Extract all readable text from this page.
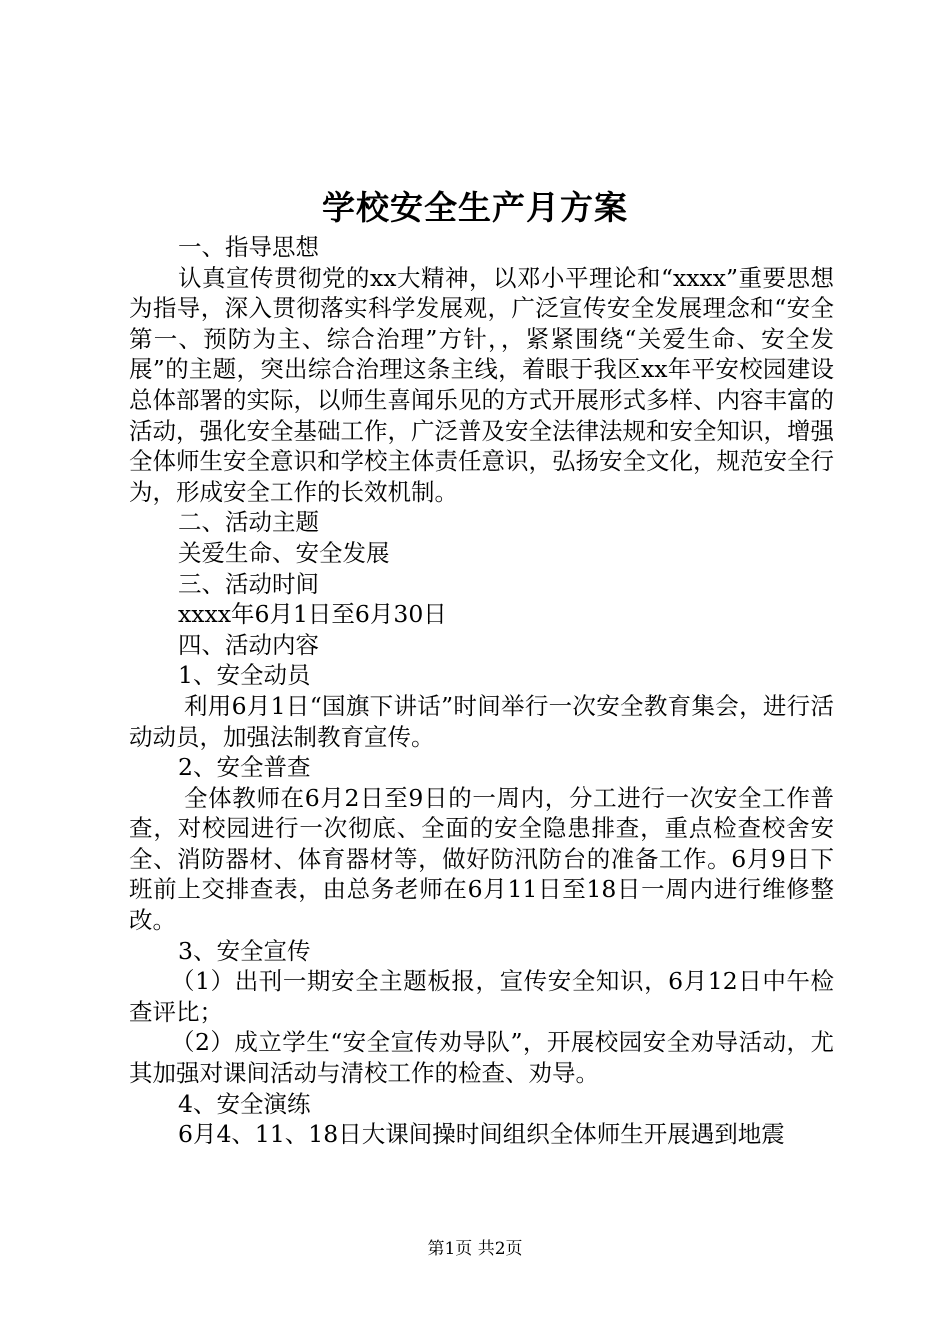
学校安全生产月方案

一、指导思想

认真宣传贯彻党的xx大精神，以邓小平理论和“xxxx”重要思想为指导，深入贯彻落实科学发展观，广泛宣传安全发展理念和“安全第一、预防为主、综合治理”方针，，紧紧围绕“关爱生命、安全发展”的主题，突出综合治理这条主线，着眼于我区xx年平安校园建设总体部署的实际，以师生喜闻乐见的方式开展形式多样、内容丰富的活动，强化安全基础工作，广泛普及安全法律法规和安全知识，增强全体师生安全意识和学校主体责任意识，弘扬安全文化，规范安全行为，形成安全工作的长效机制。

二、活动主题

关爱生命、安全发展

三、活动时间

xxxx年6月1日至6月30日

四、活动内容

1、安全动员

利用6月1日“国旗下讲话”时间举行一次安全教育集会，进行活动动员，加强法制教育宣传。

2、安全普查

全体教师在6月2日至9日的一周内，分工进行一次安全工作普查，对校园进行一次彻底、全面的安全隐患排查，重点检查校舍安全、消防器材、体育器材等，做好防汛防台的准备工作。6月9日下班前上交排查表，由总务老师在6月11日至18日一周内进行维修整改。

3、安全宣传

（1）出刊一期安全主题板报，宣传安全知识，6月12日中午检查评比；

（2）成立学生“安全宣传劝导队”，开展校园安全劝导活动，尤其加强对课间活动与清校工作的检查、劝导。

4、安全演练

6月4、11、18日大课间操时间组织全体师生开展遇到地震

第1页 共2页
